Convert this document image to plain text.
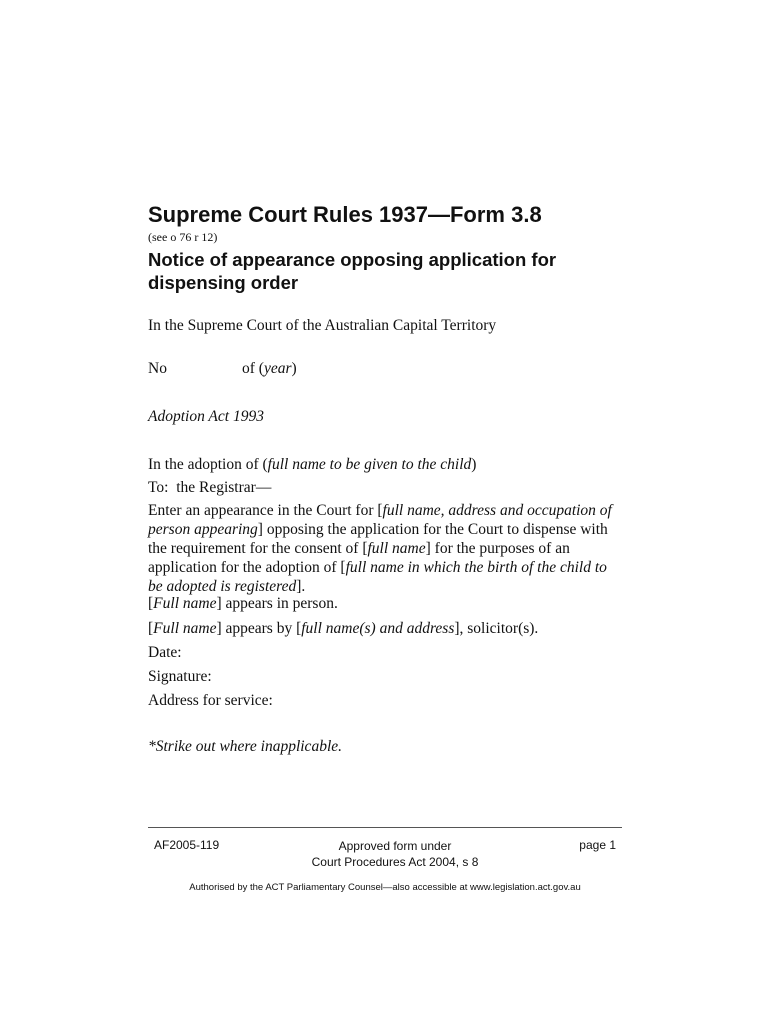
Supreme Court Rules 1937—Form 3.8
(see o 76 r 12)
Notice of appearance opposing application for dispensing order
In the Supreme Court of the Australian Capital Territory
No	of (year)
Adoption Act 1993
In the adoption of (full name to be given to the child)
To:  the Registrar—
Enter an appearance in the Court for [full name, address and occupation of person appearing] opposing the application for the Court to dispense with the requirement for the consent of [full name] for the purposes of an application for the adoption of [full name in which the birth of the child to be adopted is registered].
[Full name] appears in person.
[Full name] appears by [full name(s) and address], solicitor(s).
Date:
Signature:
Address for service:
*Strike out where inapplicable.
AF2005-119	Approved form under
Court Procedures Act 2004, s 8
page 1
Authorised by the ACT Parliamentary Counsel—also accessible at www.legislation.act.gov.au
